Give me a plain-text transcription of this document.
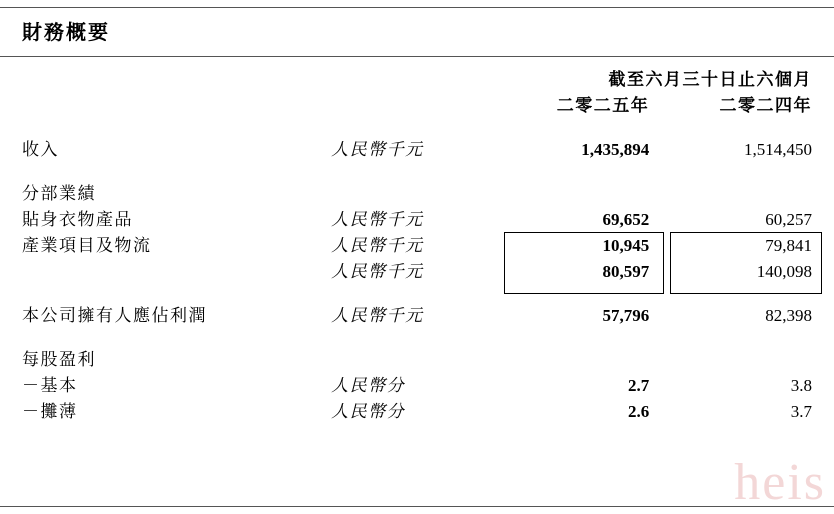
財務概要
		截至六月三十日止六個月	
		二零二五年	二零二四年

收入	人民幣千元	1,435,894	1,514,450

分部業績			
貼身衣物產品	人民幣千元	69,652	60,257
產業項目及物流	人民幣千元	10,945	79,841
	人民幣千元	80,597	140,098

本公司擁有人應佔利潤	人民幣千元	57,796	82,398

每股盈利			
－基本	人民幣分	2.7	3.8
－攤薄	人民幣分	2.6	3.7
heis
